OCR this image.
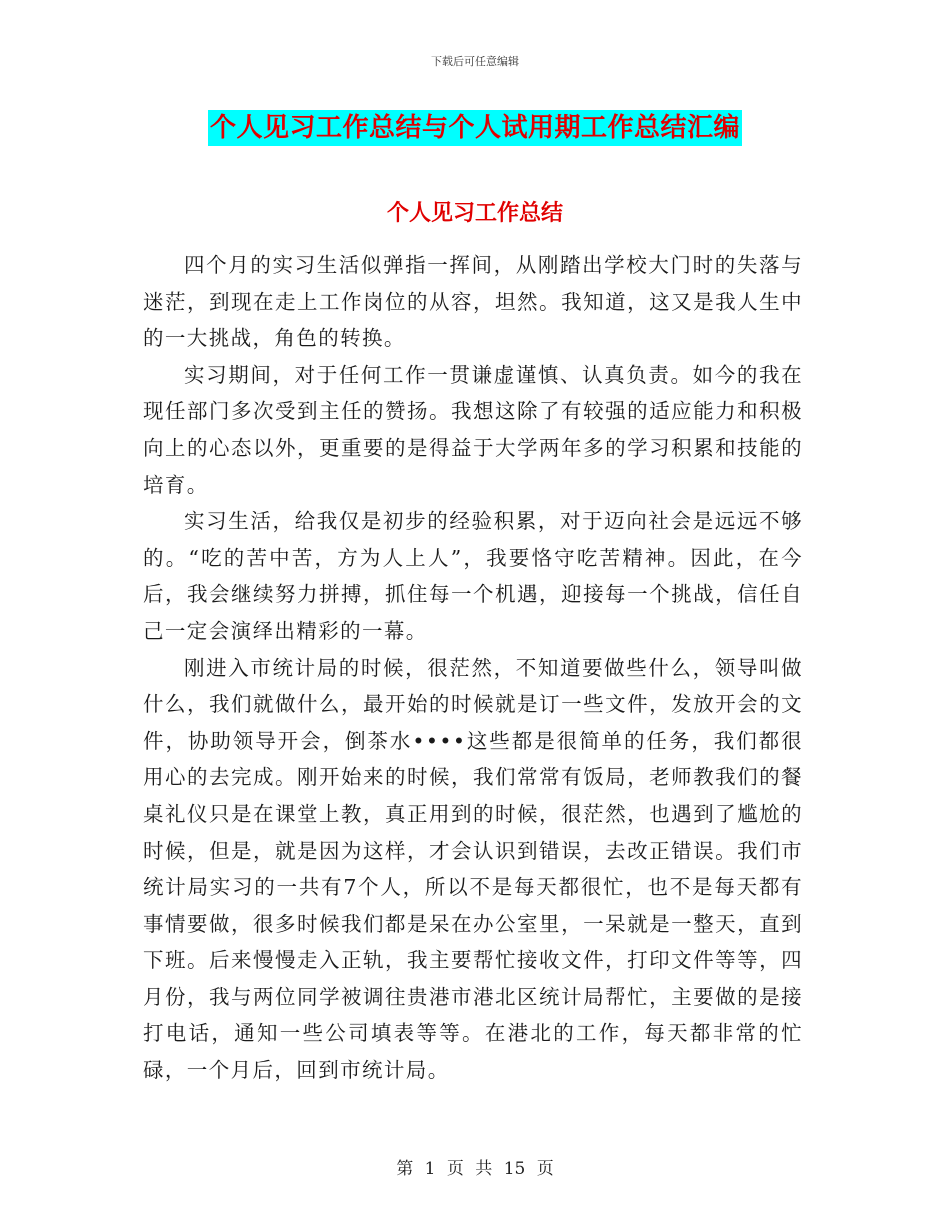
下载后可任意编辑
个人见习工作总结与个人试用期工作总结汇编
个人见习工作总结

四个月的实习生活似弹指一挥间，从刚踏出学校大门时的失落与迷茫，到现在走上工作岗位的从容，坦然。我知道，这又是我人生中的一大挑战，角色的转换。

实习期间，对于任何工作一贯谦虚谨慎、认真负责。如今的我在现任部门多次受到主任的赞扬。我想这除了有较强的适应能力和积极向上的心态以外，更重要的是得益于大学两年多的学习积累和技能的培育。

实习生活，给我仅是初步的经验积累，对于迈向社会是远远不够的。“吃的苦中苦，方为人上人”，我要恪守吃苦精神。因此，在今后，我会继续努力拼搏，抓住每一个机遇，迎接每一个挑战，信任自己一定会演绎出精彩的一幕。

刚进入市统计局的时候，很茫然，不知道要做些什么，领导叫做什么，我们就做什么，最开始的时候就是订一些文件，发放开会的文件，协助领导开会，倒茶水••••这些都是很简单的任务，我们都很用心的去完成。刚开始来的时候，我们常常有饭局，老师教我们的餐桌礼仪只是在课堂上教，真正用到的时候，很茫然，也遇到了尴尬的时候，但是，就是因为这样，才会认识到错误，去改正错误。我们市统计局实习的一共有7个人，所以不是每天都很忙，也不是每天都有事情要做，很多时候我们都是呆在办公室里，一呆就是一整天，直到下班。后来慢慢走入正轨，我主要帮忙接收文件，打印文件等等，四月份，我与两位同学被调往贵港市港北区统计局帮忙，主要做的是接打电话，通知一些公司填表等等。在港北的工作，每天都非常的忙碌，一个月后，回到市统计局。

第 1 页 共 15 页
